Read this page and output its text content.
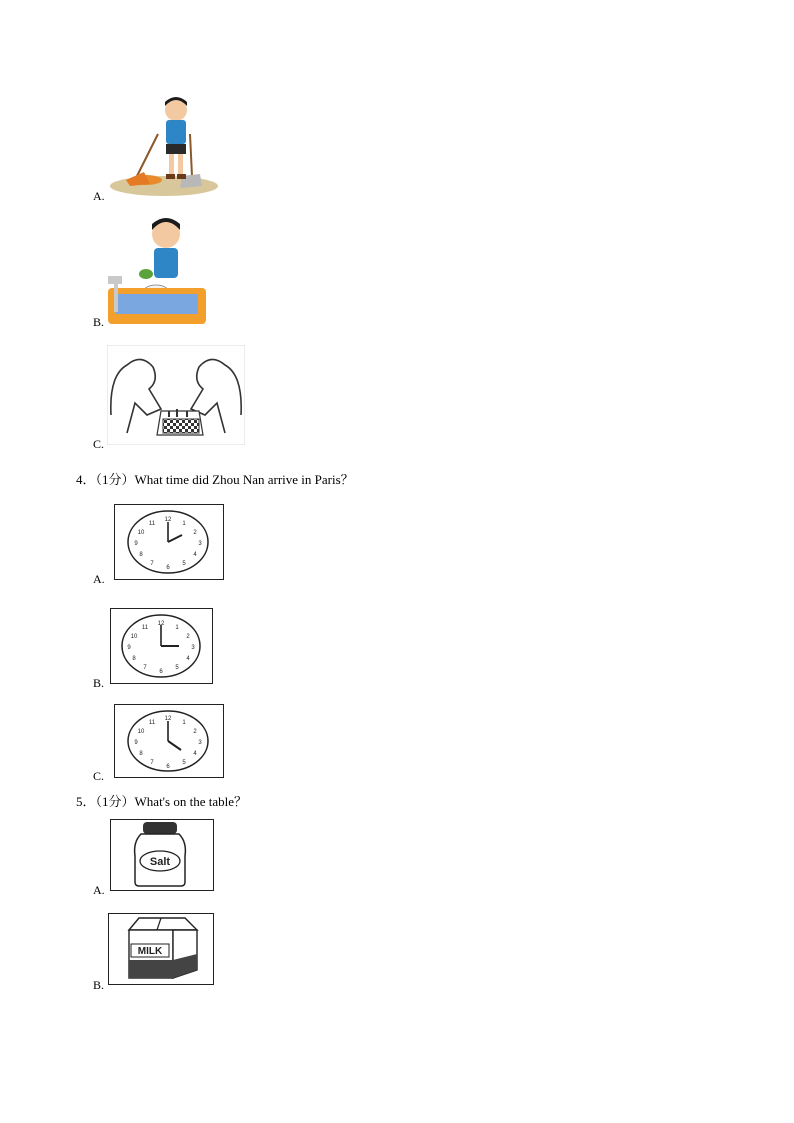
A.
B.
C.
4．（1分）What time did Zhou Nan arrive in Paris？
12
1
2
3
4
5
6
7
8
9
10
11
A.
12
1
2
3
4
5
6
7
8
9
10
11
B.
12
1
2
3
4
5
6
7
8
9
10
11
C.
5．（1分）What's on the table？
Salt
A.
MILK
B.
